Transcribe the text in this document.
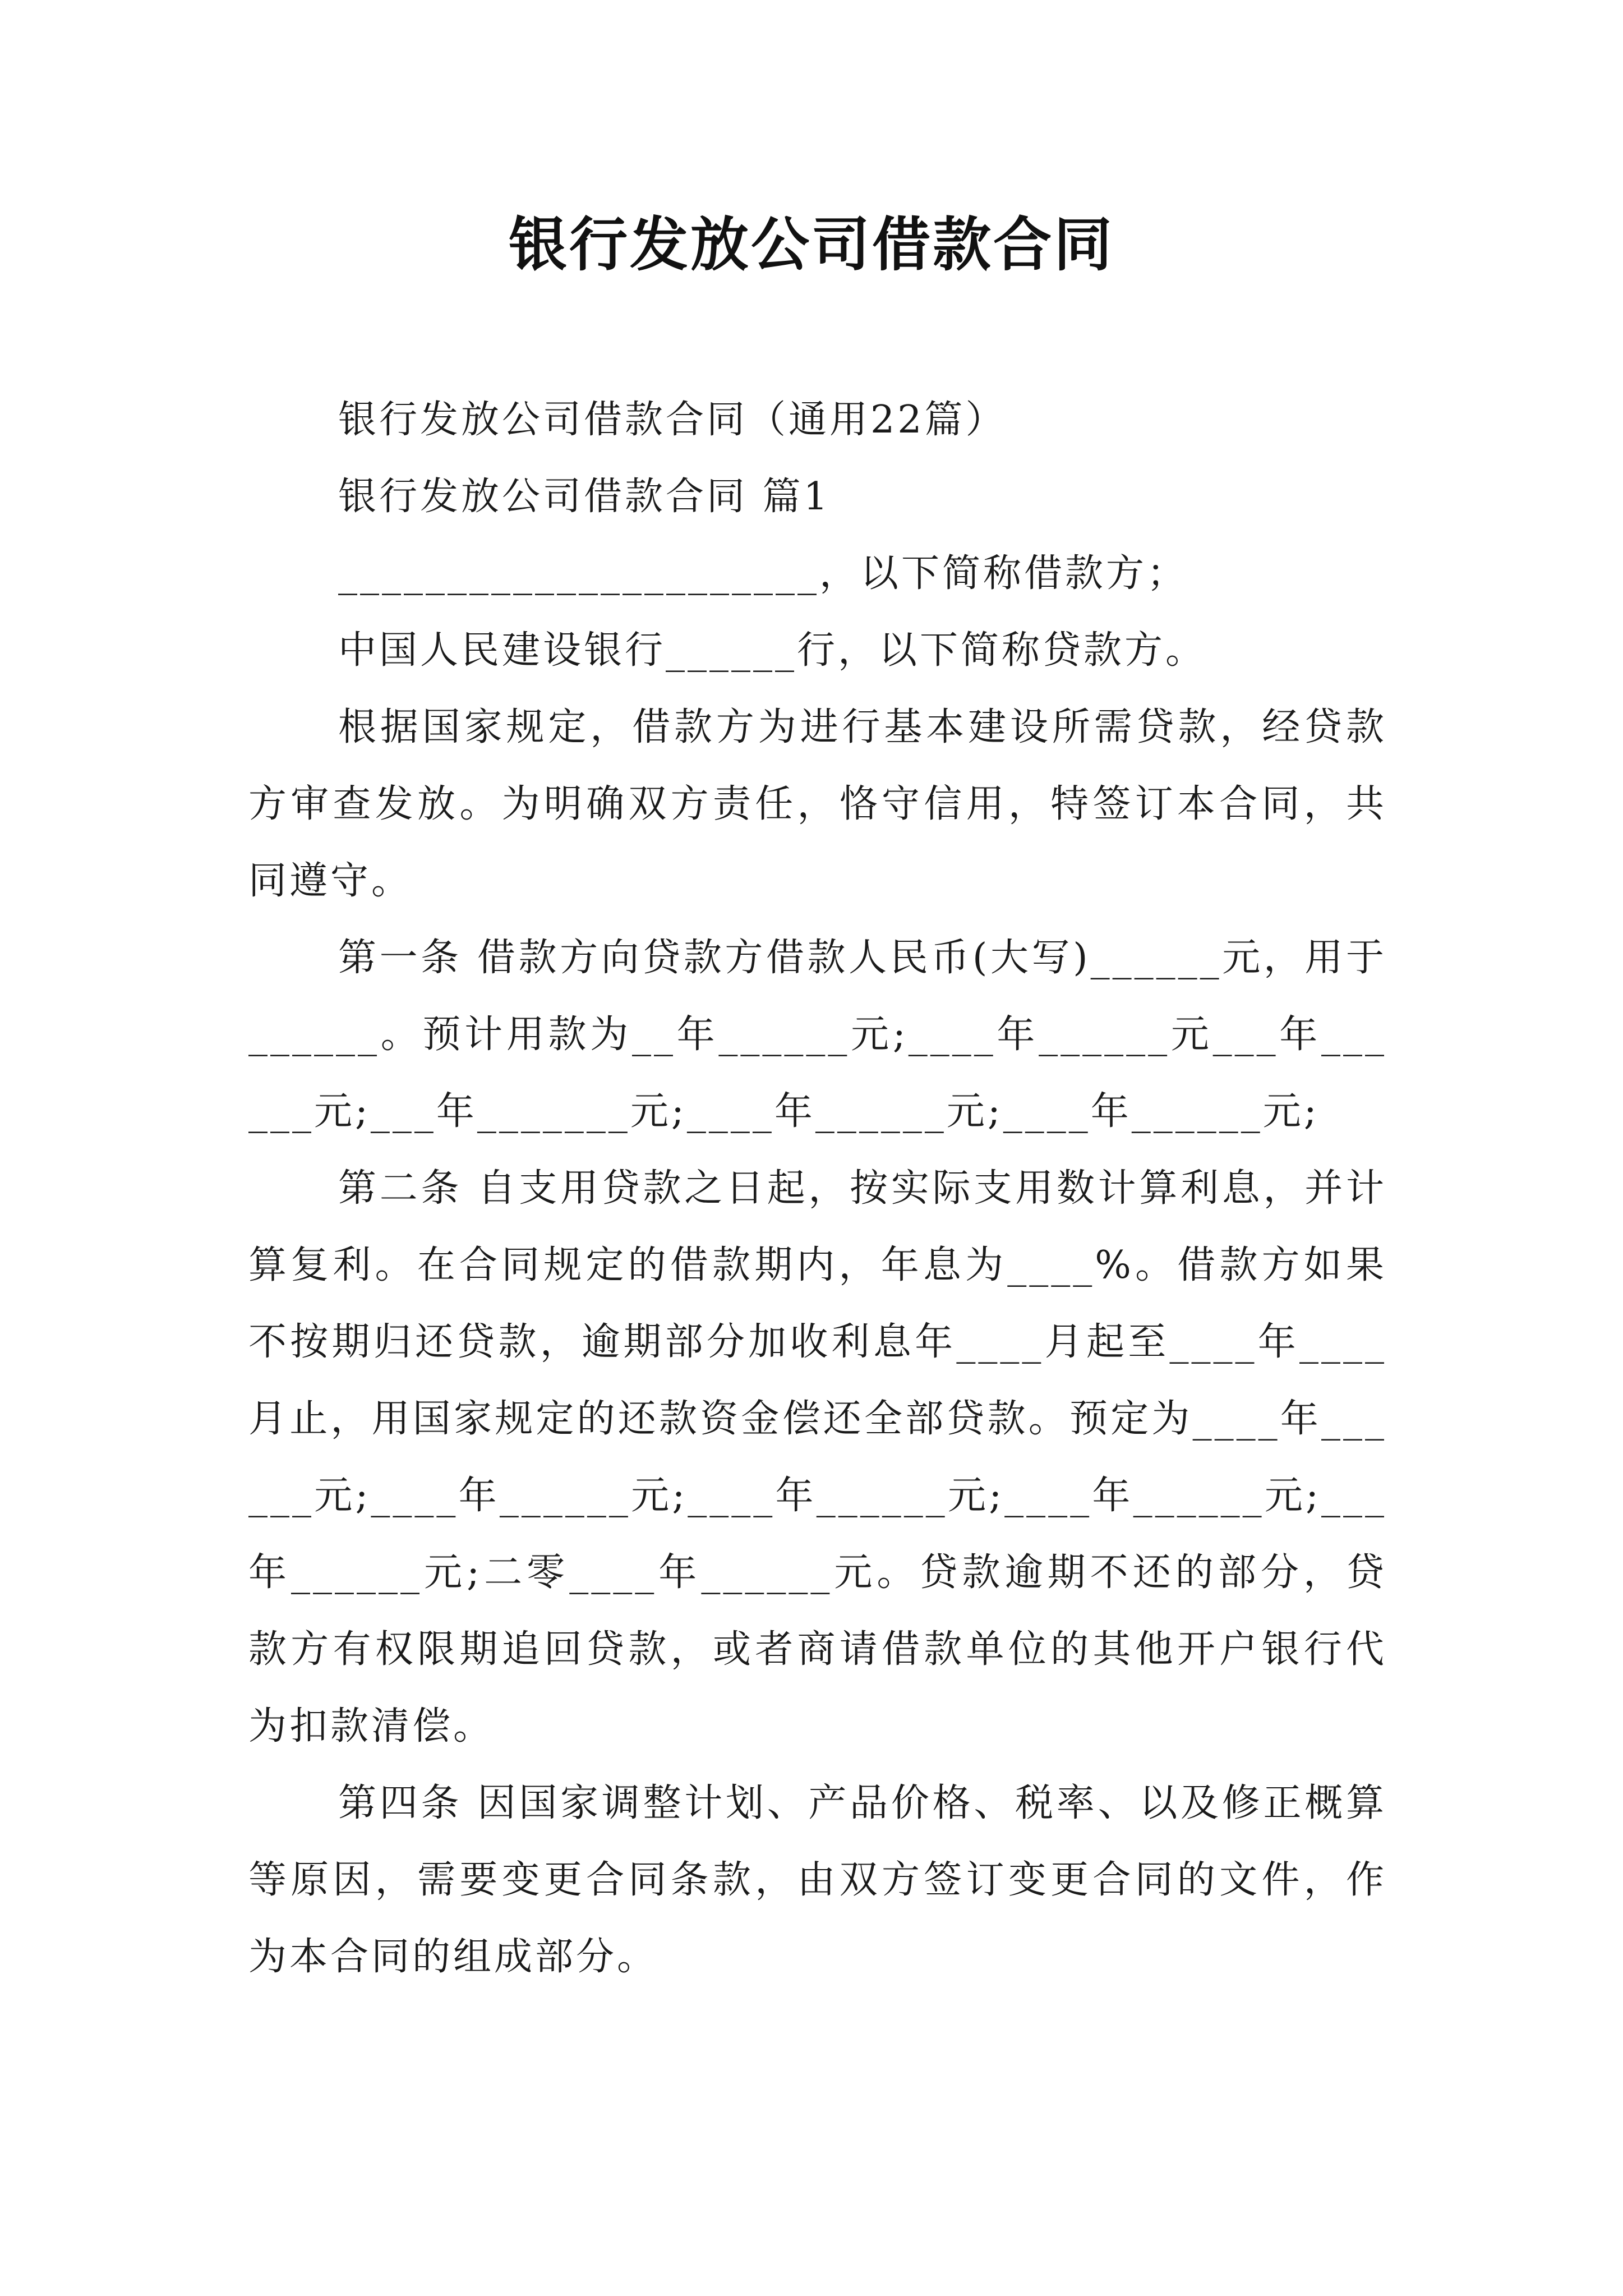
银行发放公司借款合同

银行发放公司借款合同（通用22篇）

银行发放公司借款合同 篇1

______________________，以下简称借款方；

中国人民建设银行______行，以下简称贷款方。

根据国家规定，借款方为进行基本建设所需贷款，经贷款方审查发放。为明确双方责任，恪守信用，特签订本合同，共同遵守。

第一条 借款方向贷款方借款人民币(大写)______元，用于______。预计用款为__年______元;____年______元___年______元;___年_______元;____年______元;____年______元;

第二条 自支用贷款之日起，按实际支用数计算利息，并计算复利。在合同规定的借款期内，年息为____%。借款方如果不按期归还贷款，逾期部分加收利息年____月起至____年____月止，用国家规定的还款资金偿还全部贷款。预定为____年______元;____年______元;____年______元;____年______元;___年______元;二零____年______元。贷款逾期不还的部分，贷款方有权限期追回贷款，或者商请借款单位的其他开户银行代为扣款清偿。

第四条 因国家调整计划、产品价格、税率、以及修正概算等原因，需要变更合同条款，由双方签订变更合同的文件，作为本合同的组成部分。
